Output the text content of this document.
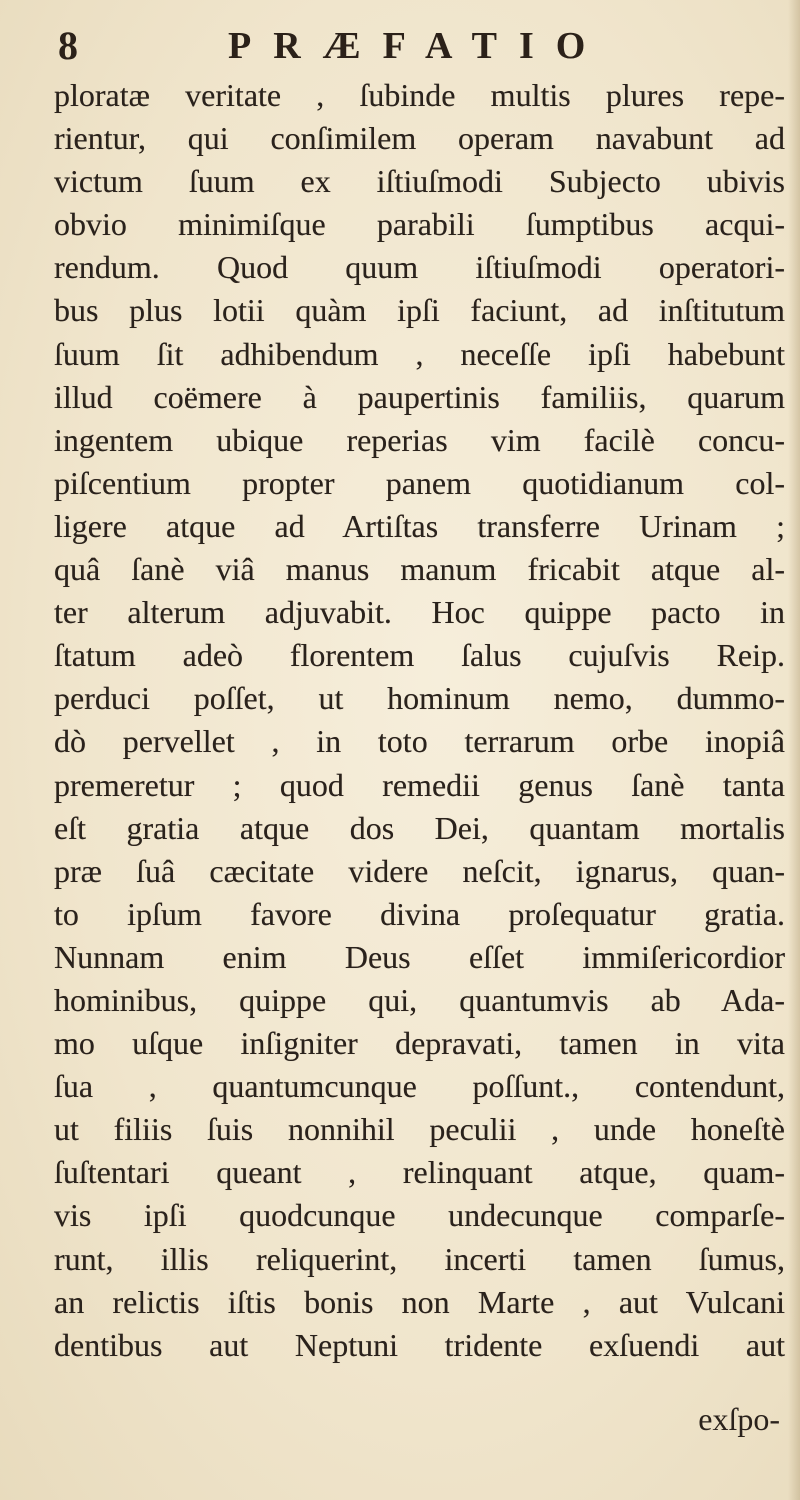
8	PRÆFATIO
ploratæ veritate , ſubinde multis plures repe-
rientur, qui conſimilem operam navabunt ad
victum ſuum ex iſtiuſmodi Subjecto ubivis
obvio minimiſque parabili ſumptibus acqui-
rendum. Quod quum iſtiuſmodi operatori-
bus plus lotii quàm ipſi faciunt, ad inſtitutum
ſuum ſit adhibendum , neceſſe ipſi habebunt
illud coëmere à paupertinis familiis, quarum
ingentem ubique reperias vim facilè concu-
piſcentium propter panem quotidianum col-
ligere atque ad Artiſtas transferre Urinam ;
quâ ſanè viâ manus manum fricabit atque al-
ter alterum adjuvabit. Hoc quippe pacto in
ſtatum adeò florentem ſalus cujuſvis Reip.
perduci poſſet, ut hominum nemo, dummo-
dò pervellet , in toto terrarum orbe inopiâ
premeretur ; quod remedii genus ſanè tanta
eſt gratia atque dos Dei, quantam mortalis
præ ſuâ cæcitate videre neſcit, ignarus, quan-
to ipſum favore divina proſequatur gratia.
Nunnam enim Deus eſſet immiſericordior
hominibus, quippe qui, quantumvis ab Ada-
mo uſque inſigniter depravati, tamen in vita
ſua , quantumcunque poſſunt., contendunt,
ut filiis ſuis nonnihil peculii , unde honeſtè
ſuſtentari queant , relinquant atque, quam-
vis ipſi quodcunque undecunque comparſe-
runt, illis reliquerint, incerti tamen ſumus,
an relictis iſtis bonis non Marte , aut Vulcani
dentibus aut Neptuni tridente exſuendi aut
exſpo-
